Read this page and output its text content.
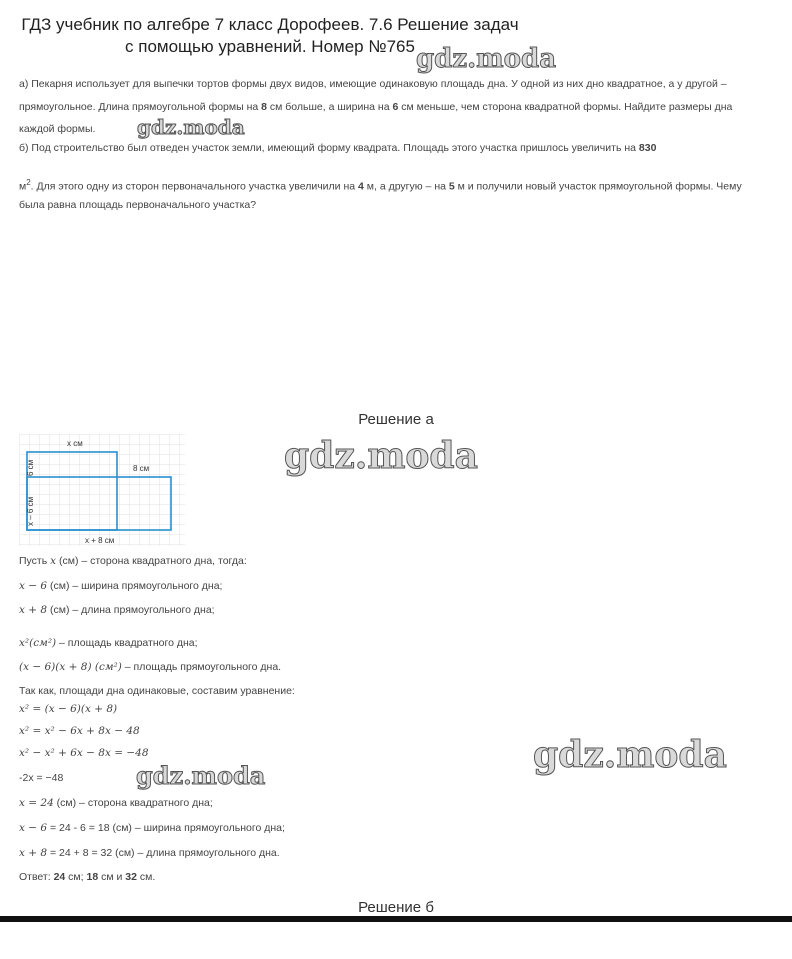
ГДЗ учебник по алгебре 7 класс Дорофеев. 7.6 Решение задач
с помощью уравнений. Номер №765 gdz.moda
gdz.moda
gdz.moda
gdz.moda
gdz.moda
а) Пекарня использует для выпечки тортов формы двух видов, имеющие одинаковую площадь дна. У одной из них дно квадратное, а у другой –
прямоугольное. Длина прямоугольной формы на 8 см больше, а ширина на 6 см меньше, чем сторона квадратной формы. Найдите размеры дна
каждой формы.
б) Под строительство был отведен участок земли, имеющий форму квадрата. Площадь этого участка пришлось увеличить на 830
$м^2$. Для этого одну из сторон первоначального участка увеличили на 4 м, а другую – на 5 м и получили новый участок прямоугольной формы. Чему
была равна площадь первоначального участка?
Решение а
х см
8 см
6 см
х – 6 см
х + 8 см
Пусть x (см) – сторона квадратного дна, тогда:
x − 6 (см) – ширина прямоугольного дна;
x + 8 (см) – длина прямоугольного дна;
x²(см²) – площадь квадратного дна;
(x − 6)(x + 8) (см²) – площадь прямоугольного дна.
Так как, площади дна одинаковые, составим уравнение:
x² = (x − 6)(x + 8)
x² = x² − 6x + 8x − 48
x² − x² + 6x − 8x = −48
-2x = −48
x = 24 (см) – сторона квадратного дна;
x − 6 = 24 - 6 = 18 (см) – ширина прямоугольного дна;
x + 8 = 24 + 8 = 32 (см) – длина прямоугольного дна.
Ответ: 24 см; 18 см и 32 см.
Решение б
